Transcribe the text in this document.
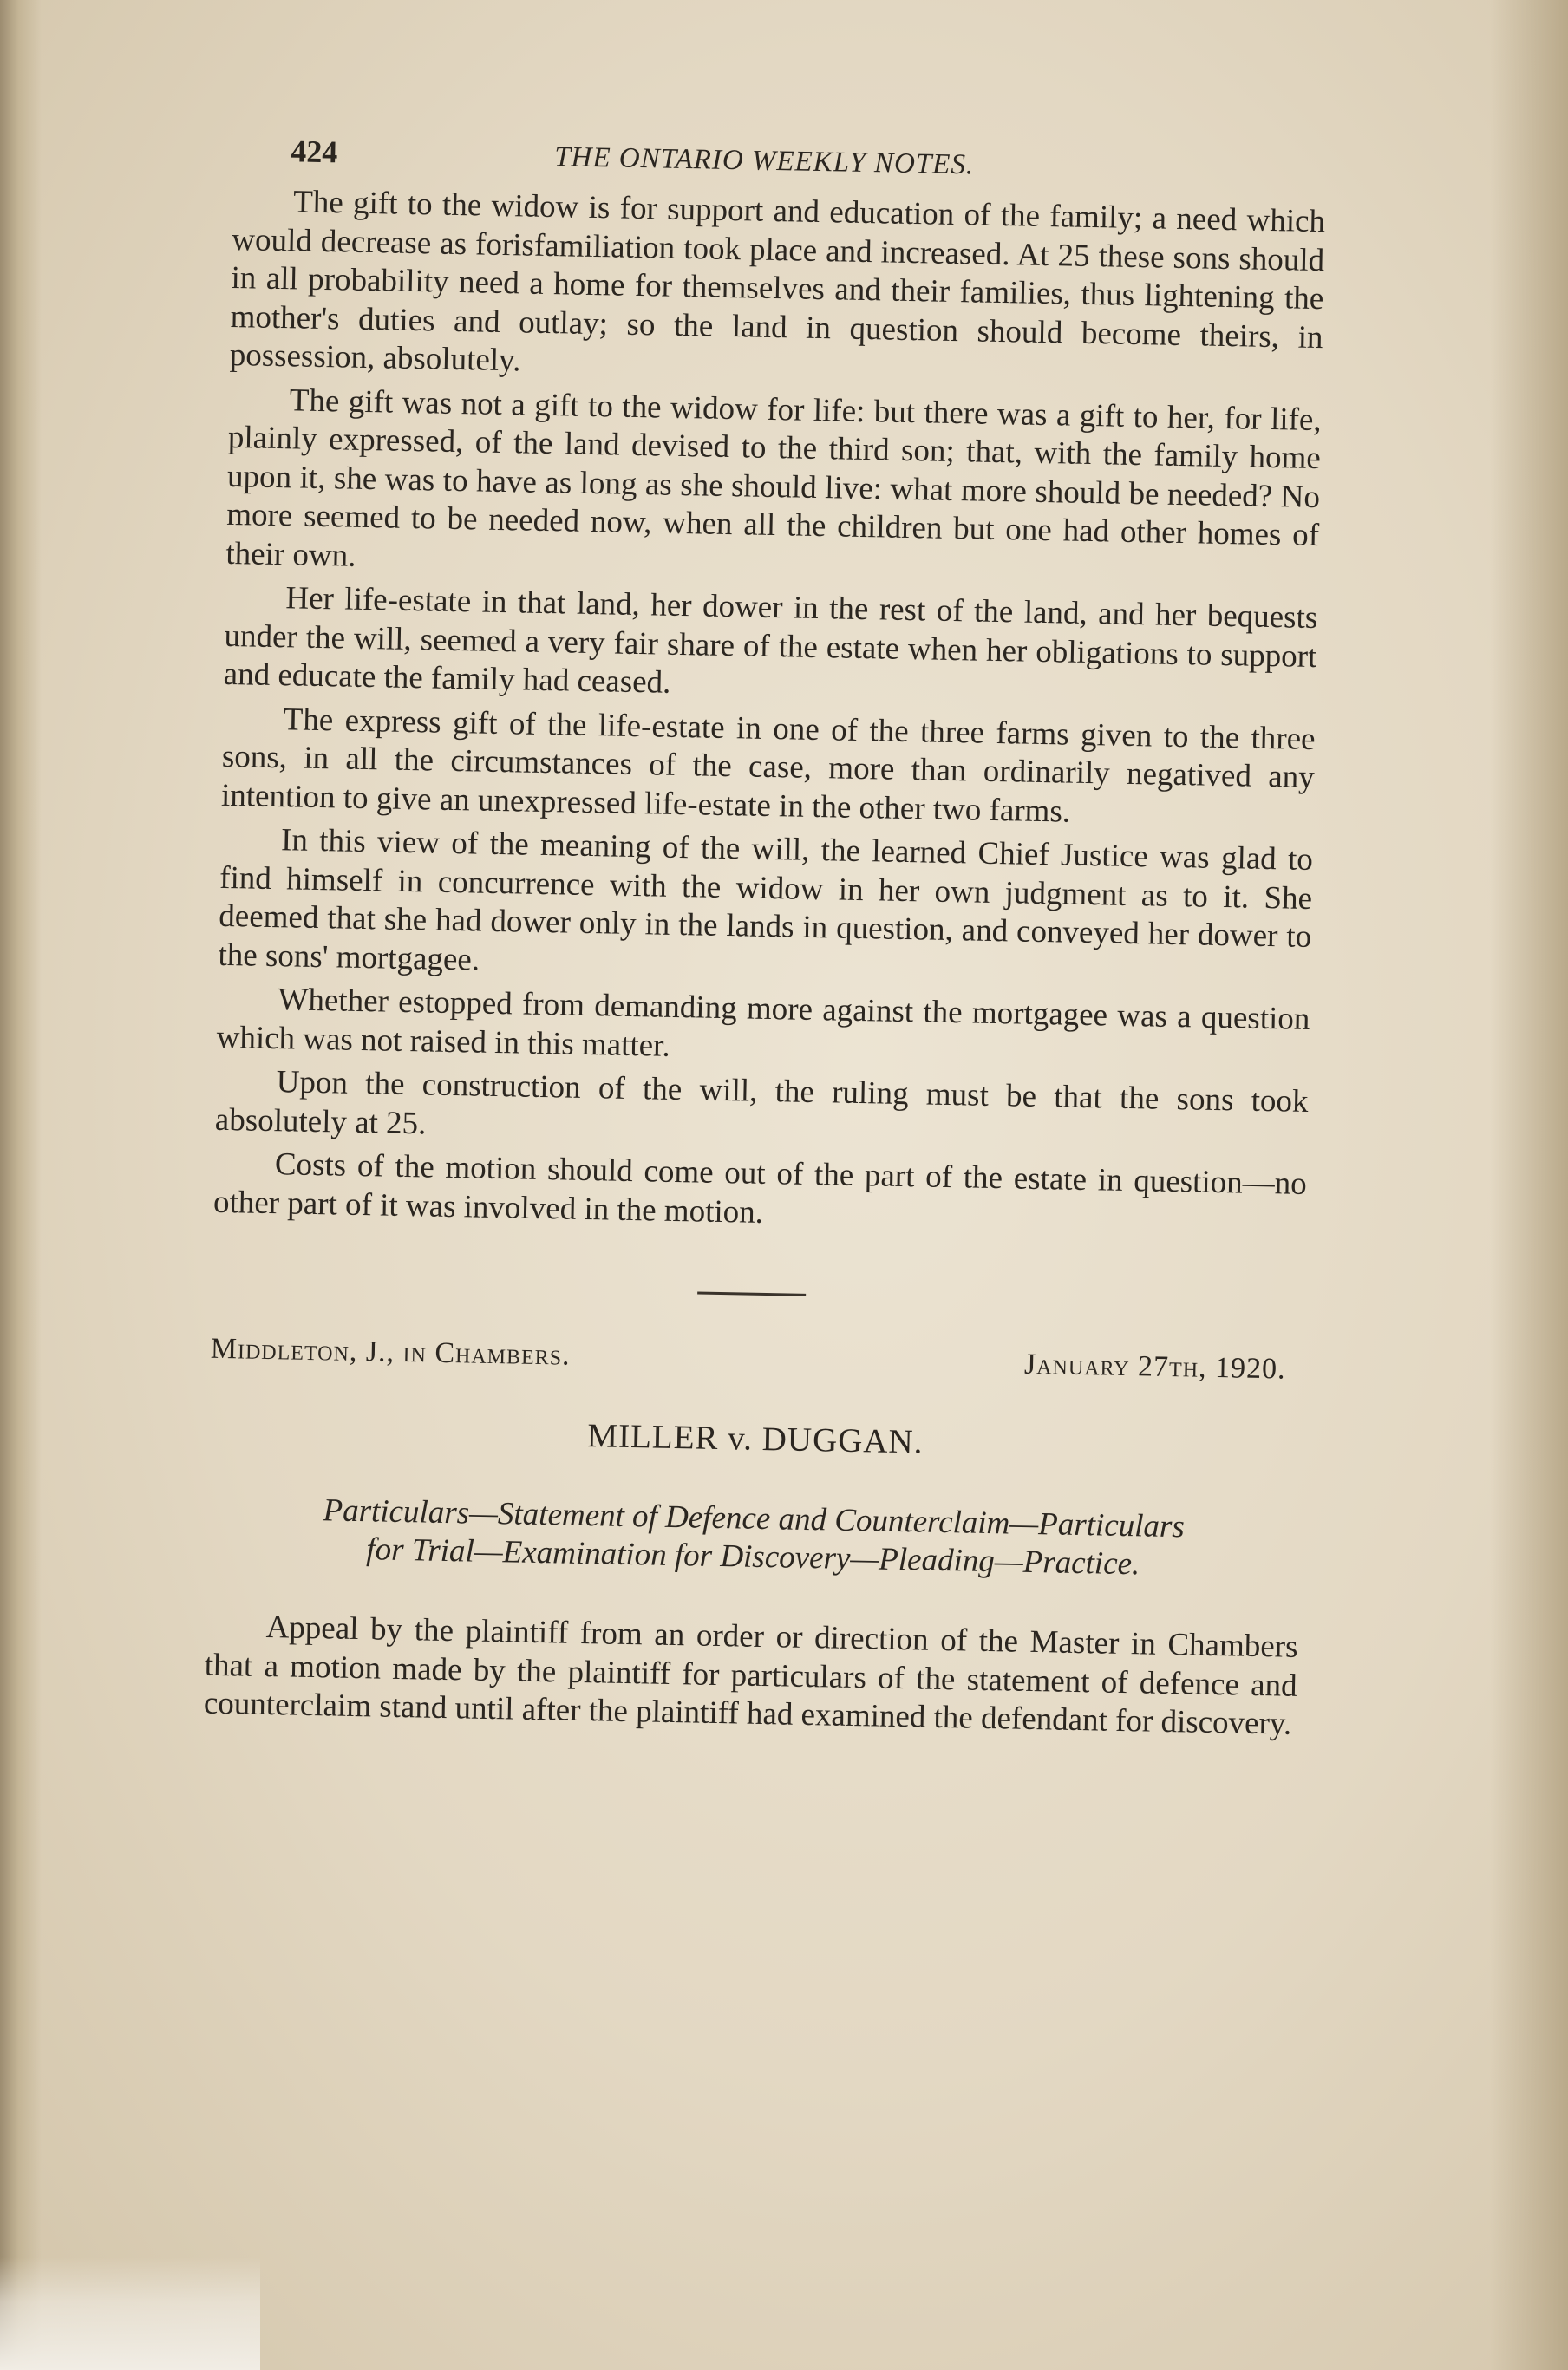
424	THE ONTARIO WEEKLY NOTES.

The gift to the widow is for support and education of the family; a need which would decrease as forisfamiliation took place and increased. At 25 these sons should in all probability need a home for themselves and their families, thus lightening the mother's duties and outlay; so the land in question should become theirs, in possession, absolutely.

The gift was not a gift to the widow for life: but there was a gift to her, for life, plainly expressed, of the land devised to the third son; that, with the family home upon it, she was to have as long as she should live: what more should be needed? No more seemed to be needed now, when all the children but one had other homes of their own.

Her life-estate in that land, her dower in the rest of the land, and her bequests under the will, seemed a very fair share of the estate when her obligations to support and educate the family had ceased.

The express gift of the life-estate in one of the three farms given to the three sons, in all the circumstances of the case, more than ordinarily negatived any intention to give an unexpressed life-estate in the other two farms.

In this view of the meaning of the will, the learned Chief Justice was glad to find himself in concurrence with the widow in her own judgment as to it. She deemed that she had dower only in the lands in question, and conveyed her dower to the sons' mortgagee.

Whether estopped from demanding more against the mortgagee was a question which was not raised in this matter.

Upon the construction of the will, the ruling must be that the sons took absolutely at 25.

Costs of the motion should come out of the part of the estate in question—no other part of it was involved in the motion.

Middleton, J., in Chambers.	January 27th, 1920.
MILLER v. DUGGAN.
Particulars—Statement of Defence and Counterclaim—Particulars
for Trial—Examination for Discovery—Pleading—Practice.

Appeal by the plaintiff from an order or direction of the Master in Chambers that a motion made by the plaintiff for particulars of the statement of defence and counterclaim stand until after the plaintiff had examined the defendant for discovery.
